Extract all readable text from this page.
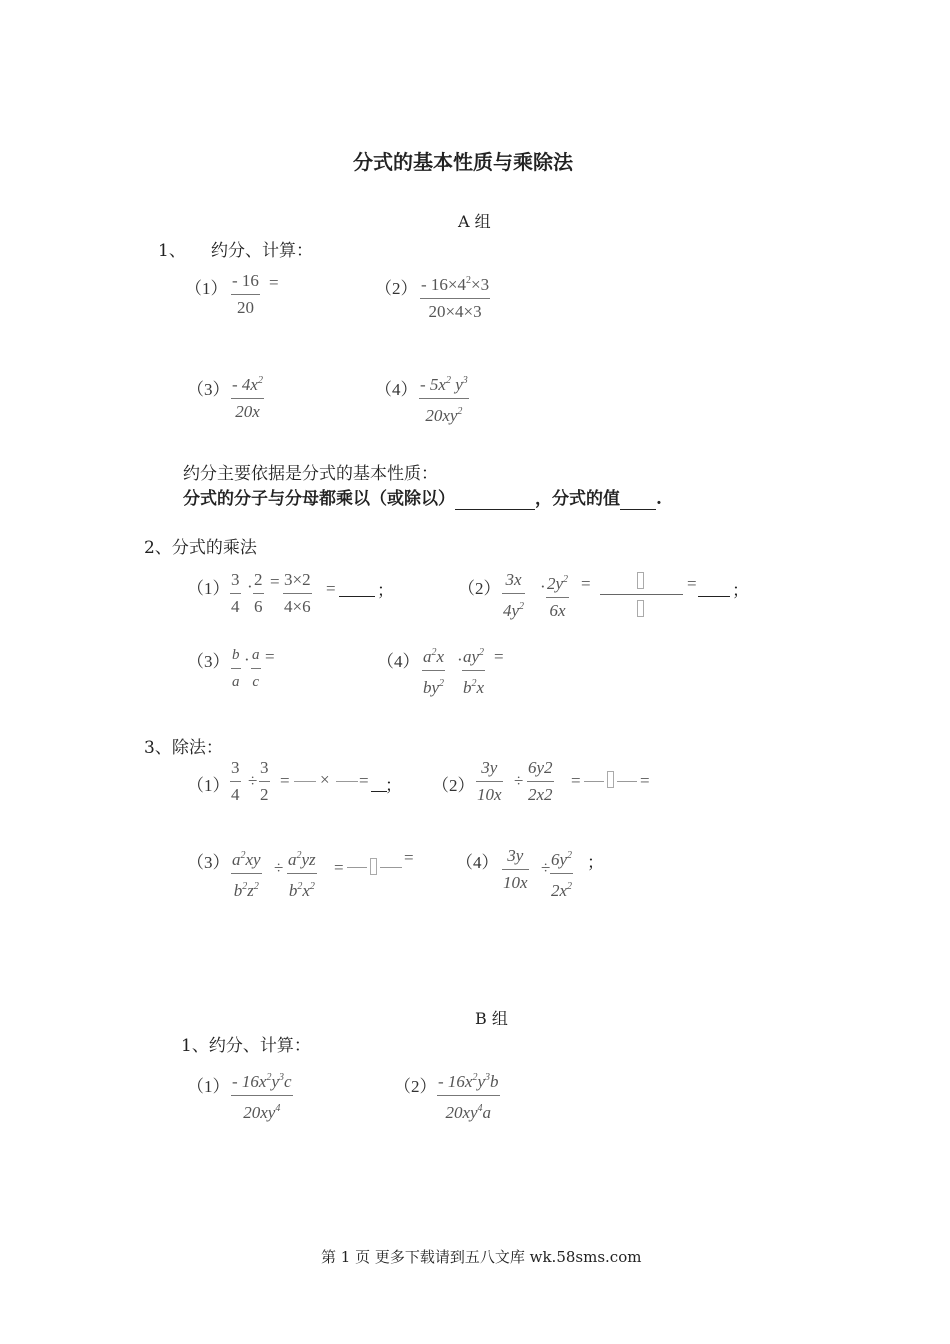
分式的基本性质与乘除法
A 组
1、 约分、计算：
（1） - 16
20
=	$(2) - 16\times 4^2\times 3$
20×4×3
$(3) - 4x^2$
20x
$(4) - 5x^2$ $y^3$
$20xy^2$
约分主要依据是分式的基本性质：
分式的分子与分母都乘以（或除以）	，分式的值 .
2、分式的乘法
（1） 3
4
· 2
6
= 3×2
4×6
=
；	（2） 3x
$4y^2$
· $2y^2$
6x
=	=
；
（3） b
a
· a
c
=	（4） $a^2x$
$by^2$
· $ay^2$
$b^2x$
=
3、除法：
（1）
3
4
÷
3
2
= × =
； （2）
3y
10x
÷
6y2
2x2
=	=
（3） $a^2xy$
$b^2z^2$
÷ $a^2yz$
$b^2x^2$
=
= （4） 3y
10x
÷ $6y^2$
$2x^2$
；
B 组
1、约分、计算：
$(1) - 16x^2y^3c$
$20xy^4$
$(2) - 16x^2y^3b$
$20xy^4a$
第 1 页 更多下载请到五八文库 wk.58sms.com
